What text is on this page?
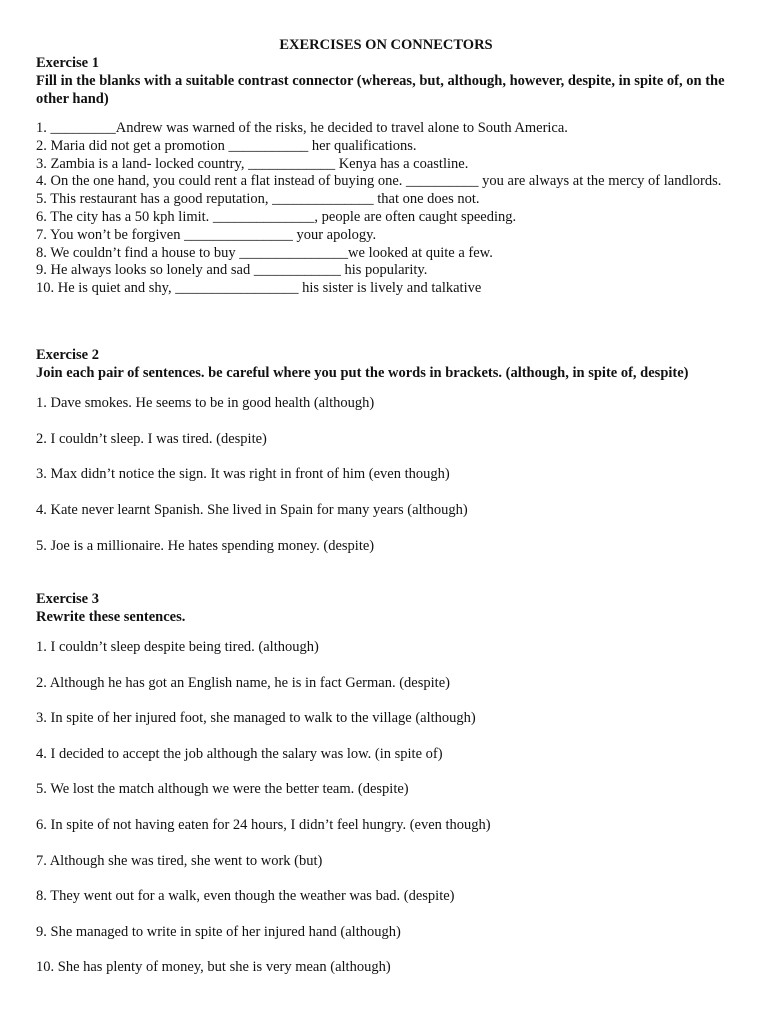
EXERCISES ON CONNECTORS

Exercise 1

Fill in the blanks with a suitable contrast connector (whereas, but, although, however, despite, in spite of, on the other hand)

1. _________Andrew was warned of the risks, he decided to travel alone to South America.

2. Maria did not get a promotion ___________ her qualifications.

3. Zambia is a land- locked country, ____________ Kenya has a coastline.

4. On the one hand, you could rent a flat instead of buying one. __________ you are always at the mercy of landlords.

5. This restaurant has a good reputation, ______________ that one does not.

6. The city has a 50 kph limit. ______________, people are often caught speeding.

7. You won’t be forgiven _______________ your apology.

8. We couldn’t find a house to buy _______________we looked at quite a few.

9. He always looks so lonely and sad ____________ his popularity.

10. He is quiet and shy, _________________ his sister is lively and talkative

Exercise 2

Join each pair of sentences. be careful where you put the words in brackets. (although, in spite of, despite)

1. Dave smokes. He seems to be in good health (although)

2. I couldn’t sleep. I was tired. (despite)

3. Max didn’t notice the sign. It was right in front of him (even though)

4. Kate never learnt Spanish. She lived in Spain for many years (although)

5. Joe is a millionaire. He hates spending money. (despite)

Exercise 3

Rewrite these sentences.

1. I couldn’t sleep despite being tired. (although)

2. Although he has got an English name, he is in fact German. (despite)

3. In spite of her injured foot, she managed to walk to the village (although)

4. I decided to accept the job although the salary was low. (in spite of)

5. We lost the match although we were the better team. (despite)

6. In spite of not having eaten for 24 hours, I didn’t feel hungry. (even though)

7. Although she was tired, she went to work (but)

8. They went out for a walk, even though the weather was bad. (despite)

9. She managed to write in spite of her injured hand (although)

10. She has plenty of money, but she is very mean (although)
